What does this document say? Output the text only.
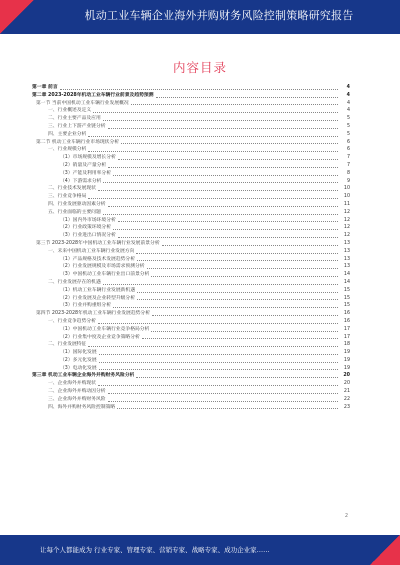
机动工业车辆企业海外并购财务风险控制策略研究报告
内容目录
第一章 前言	4
第二章 2023-2028年机动工业车辆行业前景及趋势预测	4
第一节 当前中国机动工业车辆行业发展概况	4
一、行业概述及定义	4
二、行业主要产品及应用	5
三、行业上下游产业链分析	5
四、主要企业分析	5
第二节 机动工业车辆行业市场现状分析	6
一、行业规模分析	6
（1）市场规模及增长分析	7
（2）销量及产量分析	7
（3）产能及利用率分析	8
（4）下游需求分析	9
二、行业技术发展现状	10
三、行业竞争格局	10
四、行业发展驱动因素分析	11
五、行业面临的主要问题	12
（1）国内外市场环境分析	12
（2）行业政策环境分析	12
（3）行业进出口情况分析	12
第三节 2023-2028年中国机动工业车辆行业发展前景分析	13
一、未来中国机动工业车辆行业发展方向	13
（1）产品规格及技术发展趋势分析	13
（2）行业发展规模及市场需求预测分析	13
（3）中国机动工业车辆行业出口前景分析	14
二、行业发展存在的机遇	14
（1）机动工业车辆行业发展新机遇	15
（2）行业发展及企业转型升级分析	15
（3）行业并购重组分析	15
第四节 2023-2028年机动工业车辆行业发展趋势分析	16
一、行业竞争趋势分析	16
（1）中国机动工业车辆行业竞争格局分析	17
（2）行业集中度及企业竞争策略分析	17
二、行业发展特征	18
（1）国际化发展	19
（2）多元化发展	19
（3）电动化发展	19
第三章 机动工业车辆企业海外并购财务风险分析	20
一、企业海外并购现状	20
二、企业海外并购动因分析	21
三、企业海外并购财务风险	22
四、海外并购财务风险控制策略	23
2
让每个人都能成为 行业专家、管理专家、营销专家、战略专家、成功企业家……
